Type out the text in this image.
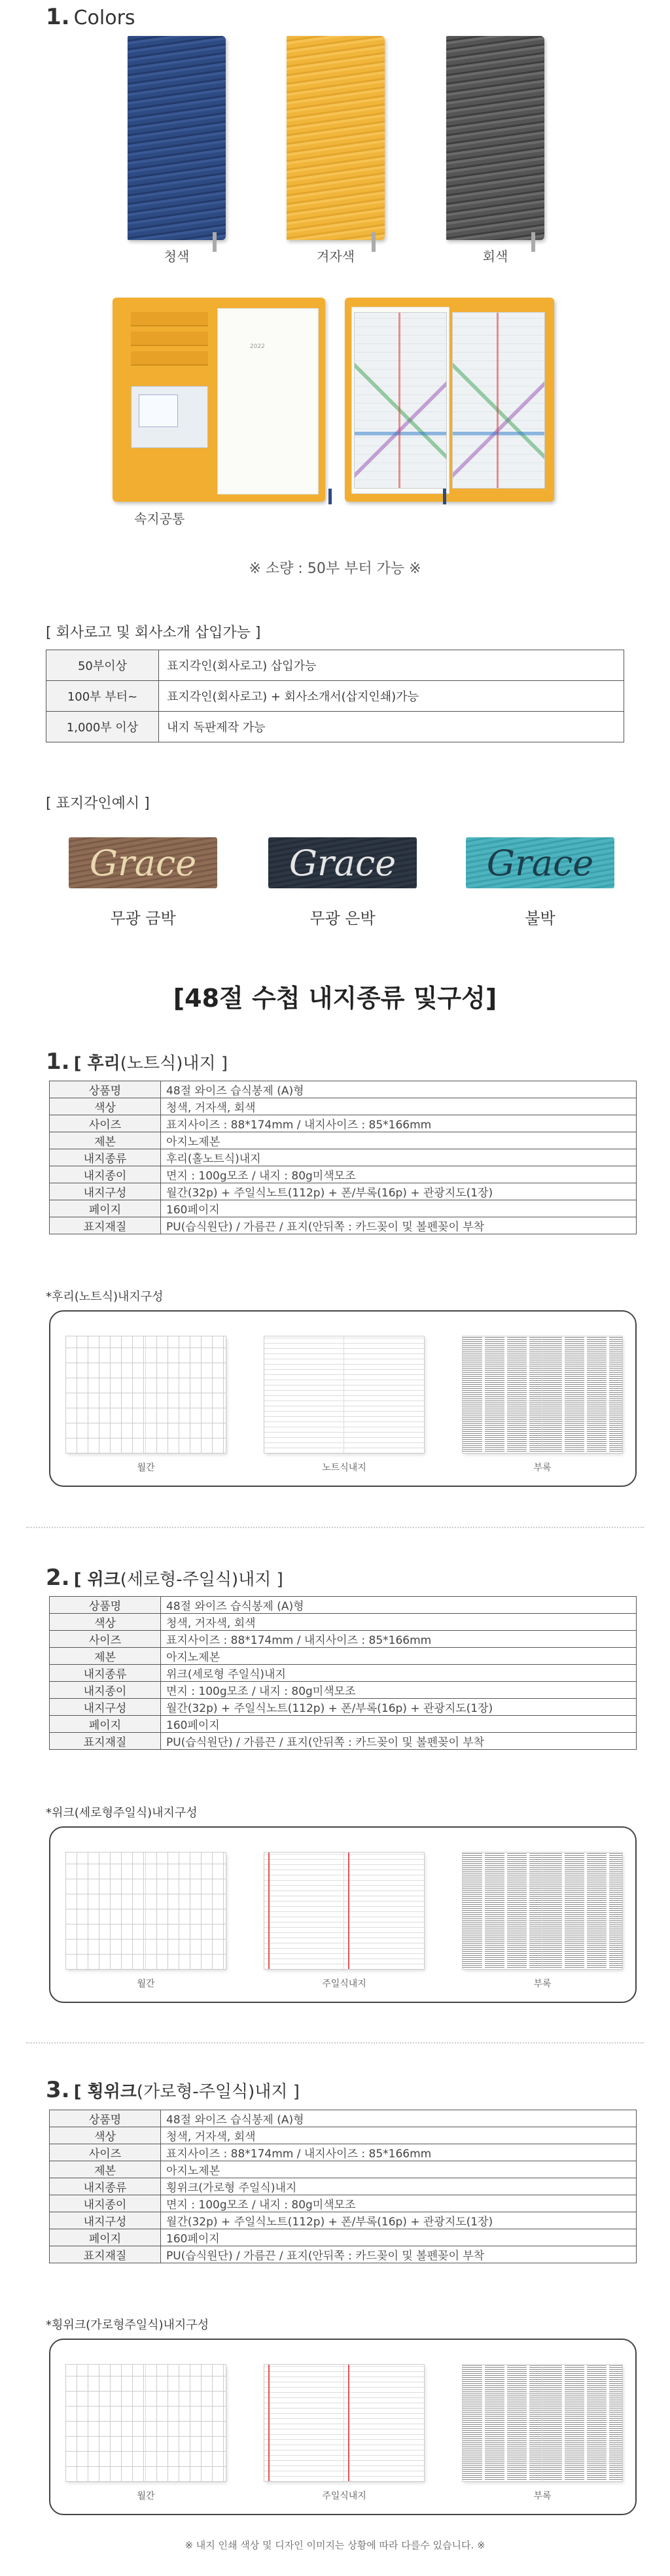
1. Colors
청색	겨자색	회색
2022
속지공통
※ 소량 : 50부 부터 가능 ※
[ 회사로고 및 회사소개 삽입가능 ]
50부이상	표지각인(회사로고) 삽입가능
100부 부터~	표지각인(회사로고) + 회사소개서(삽지인쇄)가능
1,000부 이상	내지 독판제작 가능
[ 표지각인예시 ]
Grace	Grace	Grace
무광 금박	무광 은박	불박
[48절 수첩 내지종류 및구성]
1. [ 후리(노트식)내지 ]
상품명	48절 와이즈 습식봉제 (A)형
색상	청색, 거자색, 회색
사이즈	표지사이즈 : 88*174mm / 내지사이즈 : 85*166mm
제본	아지노제본
내지종류	후리(홀노트식)내지
내지종이	면지 : 100g모조 / 내지 : 80g미색모조
내지구성	월간(32p) + 주일식노트(112p) + 폰/부록(16p) + 관광지도(1장)
페이지	160페이지
표지재질	PU(습식원단) / 가름끈 / 표지(안뒤쪽 : 카드꽂이 및 볼펜꽂이 부착
*후리(노트식)내지구성
월간	노트식내지	부록
2. [ 위크(세로형-주일식)내지 ]
상품명	48절 와이즈 습식봉제 (A)형
색상	청색, 거자색, 회색
사이즈	표지사이즈 : 88*174mm / 내지사이즈 : 85*166mm
제본	아지노제본
내지종류	위크(세로형 주일식)내지
내지종이	면지 : 100g모조 / 내지 : 80g미색모조
내지구성	월간(32p) + 주일식노트(112p) + 폰/부록(16p) + 관광지도(1장)
페이지	160페이지
표지재질	PU(습식원단) / 가름끈 / 표지(안뒤쪽 : 카드꽂이 및 볼펜꽂이 부착
*위크(세로형주일식)내지구성
월간	주일식내지	부록
3. [ 횡위크(가로형-주일식)내지 ]
상품명	48절 와이즈 습식봉제 (A)형
색상	청색, 거자색, 회색
사이즈	표지사이즈 : 88*174mm / 내지사이즈 : 85*166mm
제본	아지노제본
내지종류	횡위크(가로형 주일식)내지
내지종이	면지 : 100g모조 / 내지 : 80g미색모조
내지구성	월간(32p) + 주일식노트(112p) + 폰/부록(16p) + 관광지도(1장)
페이지	160페이지
표지재질	PU(습식원단) / 가름끈 / 표지(안뒤쪽 : 카드꽂이 및 볼펜꽂이 부착
*횡위크(가로형주일식)내지구성
월간	주일식내지	부록
※ 내지 인쇄 색상 및 디자인 이미지는 상황에 따라 다를수 있습니다. ※
